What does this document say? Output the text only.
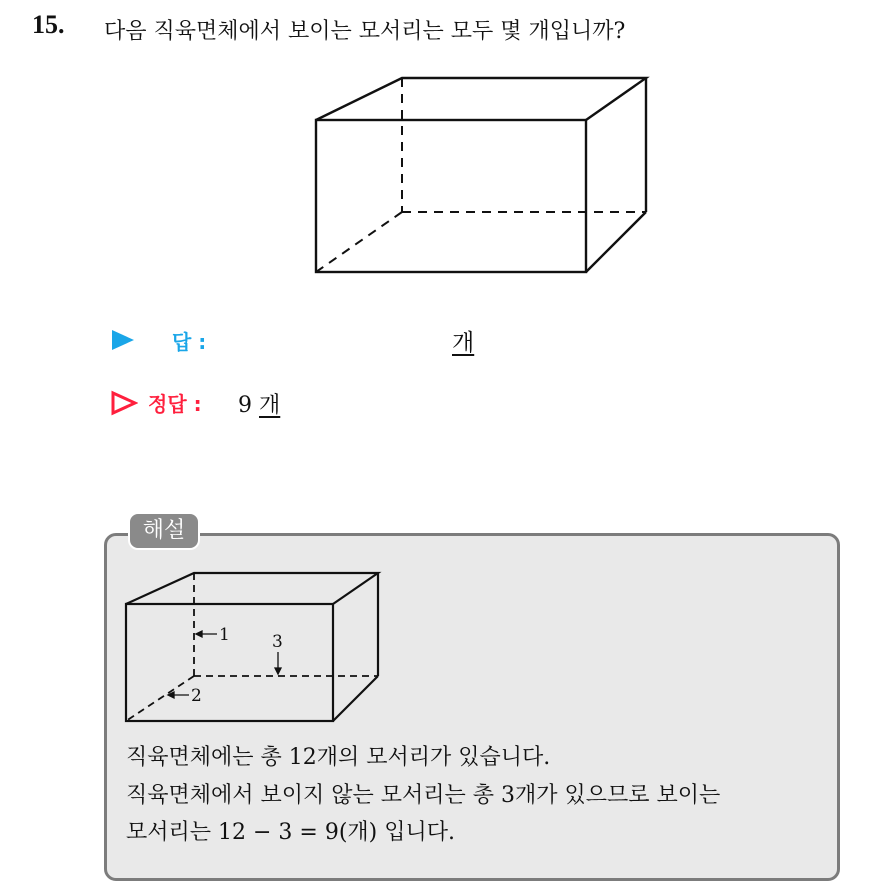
15. 다음 직육면체에서 보이는 모서리는 모두 몇 개입니까?
답 :	개
정답 : 9 개
해설
1
2
3
직육면체에는 총 12개의 모서리가 있습니다.
직육면체에서 보이지 않는 모서리는 총 3개가 있으므로 보이는
모서리는 12 − 3 = 9(개) 입니다.
